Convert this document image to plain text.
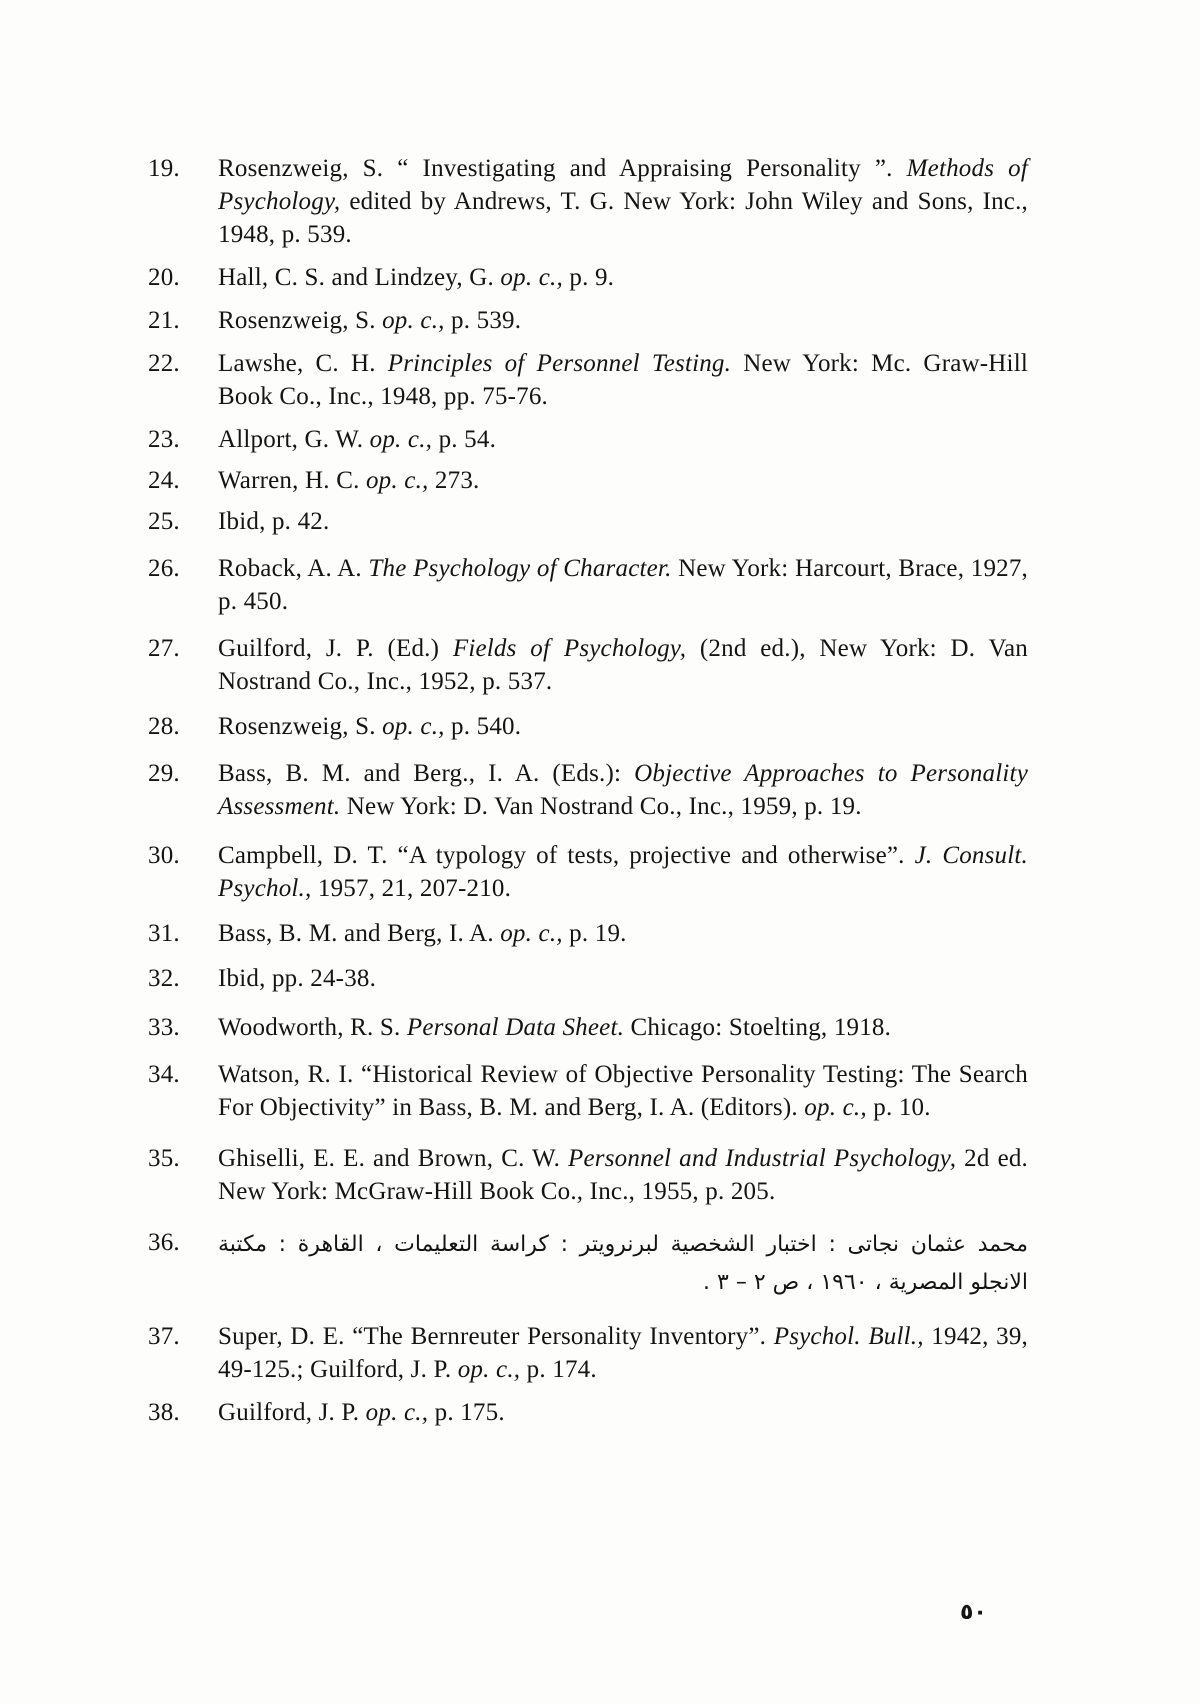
19.	Rosenzweig, S. “ Investigating and Appraising Personality ”. Methods of Psychology, edited by Andrews, T. G. New York: John Wiley and Sons, Inc., 1948, p. 539.
20.	Hall, C. S. and Lindzey, G. op. c., p. 9.
21.	Rosenzweig, S. op. c., p. 539.
22.	Lawshe, C. H. Principles of Personnel Testing. New York: Mc. Graw-Hill Book Co., Inc., 1948, pp. 75-76.
23.	Allport, G. W. op. c., p. 54.
24.	Warren, H. C. op. c., 273.
25.	Ibid, p. 42.
26.	Roback, A. A. The Psychology of Character. New York: Harcourt, Brace, 1927, p. 450.
27.	Guilford, J. P. (Ed.) Fields of Psychology, (2nd ed.), New York: D. Van Nostrand Co., Inc., 1952, p. 537.
28.	Rosenzweig, S. op. c., p. 540.
29.	Bass, B. M. and Berg., I. A. (Eds.): Objective Approaches to Personality Assessment. New York: D. Van Nostrand Co., Inc., 1959, p. 19.
30.	Campbell, D. T. “A typology of tests, projective and otherwise”. J. Consult. Psychol., 1957, 21, 207-210.
31.	Bass, B. M. and Berg, I. A. op. c., p. 19.
32.	Ibid, pp. 24-38.
33.	Woodworth, R. S. Personal Data Sheet. Chicago: Stoelting, 1918.
34.	Watson, R. I. “Historical Review of Objective Personality Testing: The Search For Objectivity” in Bass, B. M. and Berg, I. A. (Editors). op. c., p. 10.
35.	Ghiselli, E. E. and Brown, C. W. Personnel and Industrial Psychology, 2d ed. New York: McGraw-Hill Book Co., Inc., 1955, p. 205.
36.	محمد عثمان نجاتى : اختبار الشخصية لبرنرويتر : كراسة التعليمات ، القاهرة : مكتبة الانجلو المصرية ، ١٩٦٠ ، ص ٢ – ٣ .
37.	Super, D. E. “The Bernreuter Personality Inventory”. Psychol. Bull., 1942, 39, 49-125.; Guilford, J. P. op. c., p. 174.
38.	Guilford, J. P. op. c., p. 175.
٥٠
